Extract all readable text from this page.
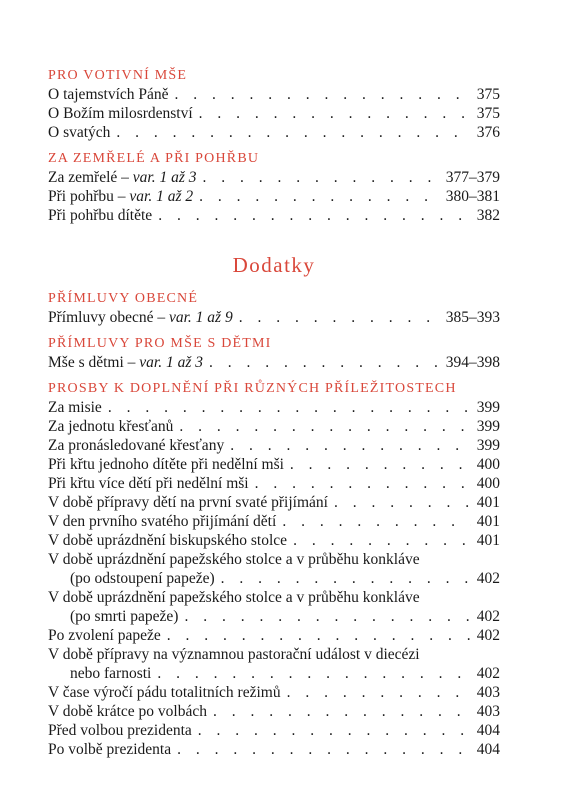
PRO VOTIVNÍ MŠE
O tajemstvích Páně . . .	375
O Božím milosrdenství . . .	375
O svatých . . .	376
ZA ZEMŘELÉ A PŘI POHŘBU
Za zemřelé – var. 1 až 3 . . .	377–379
Při pohřbu – var. 1 až 2 . . .	380–381
Při pohřbu dítěte . . .	382
Dodatky
PŘÍMLUVY OBECNÉ
Přímluvy obecné – var. 1 až 9 . . .	385–393
PŘÍMLUVY PRO MŠE S DĚTMI
Mše s dětmi – var. 1 až 3 . . .	394–398
PROSBY K DOPLNĚNÍ PŘI RŮZNÝCH PŘÍLEŽITOSTECH
Za misie . . .	399
Za jednotu křesťanů . . .	399
Za pronásledované křesťany . . .	399
Při křtu jednoho dítěte při nedělní mši . . .	400
Při křtu více dětí při nedělní mši . . .	400
V době přípravy dětí na první svaté přijímání . . .	401
V den prvního svatého přijímání dětí . . .	401
V době uprázdnění biskupského stolce . . .	401
V době uprázdnění papežského stolce a v průběhu konkláve
(po odstoupení papeže) . . .	402
V době uprázdnění papežského stolce a v průběhu konkláve
(po smrti papeže) . . .	402
Po zvolení papeže . . .	402
V době přípravy na významnou pastorační událost v diecézi
nebo farnosti . . .	402
V čase výročí pádu totalitních režimů . . .	403
V době krátce po volbách . . .	403
Před volbou prezidenta . . .	404
Po volbě prezidenta . . .	404
